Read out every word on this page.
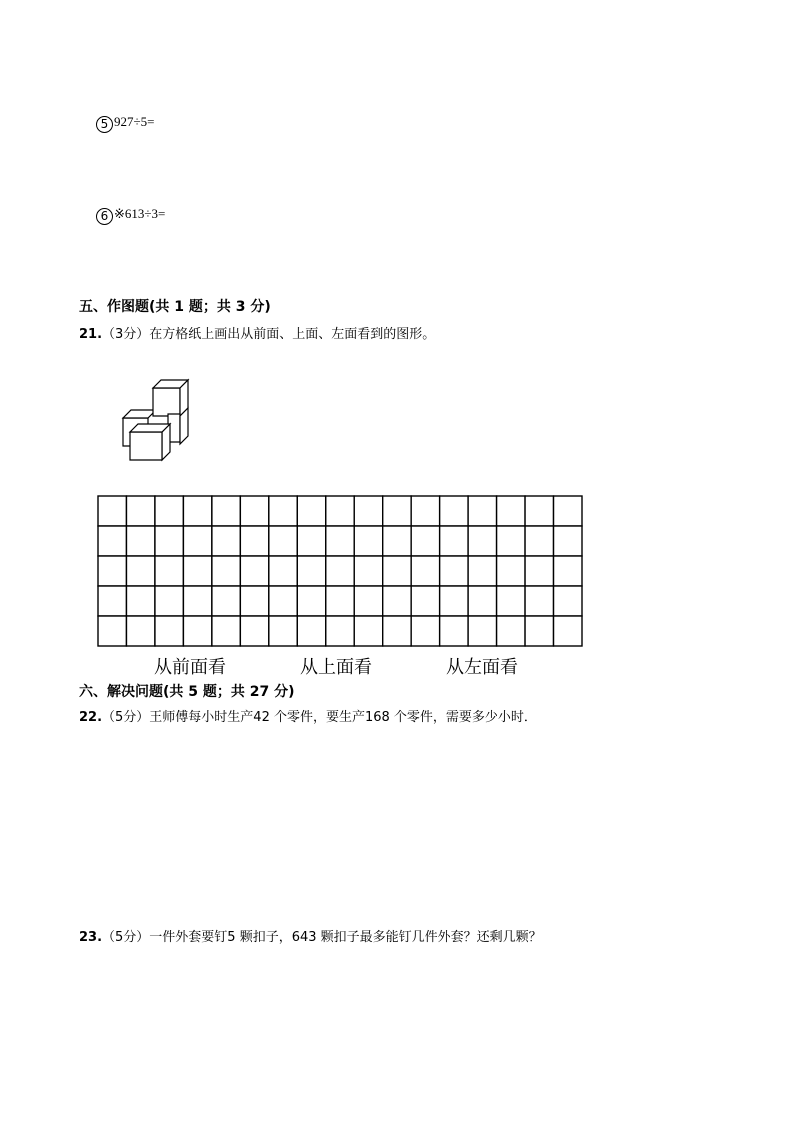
5 927÷5=
6 ※613÷3=
五、作图题(共 1 题；共 3 分)
21.（3分）在方格纸上画出从前面、上面、左面看到的图形。
从前面看	从上面看	从左面看
六、解决问题(共 5 题；共 27 分)
22.（5分）王师傅每小时生产42 个零件，要生产168 个零件，需要多少小时．
23.（5分）一件外套要钉5 颗扣子，643 颗扣子最多能钉几件外套？还剩几颗？
